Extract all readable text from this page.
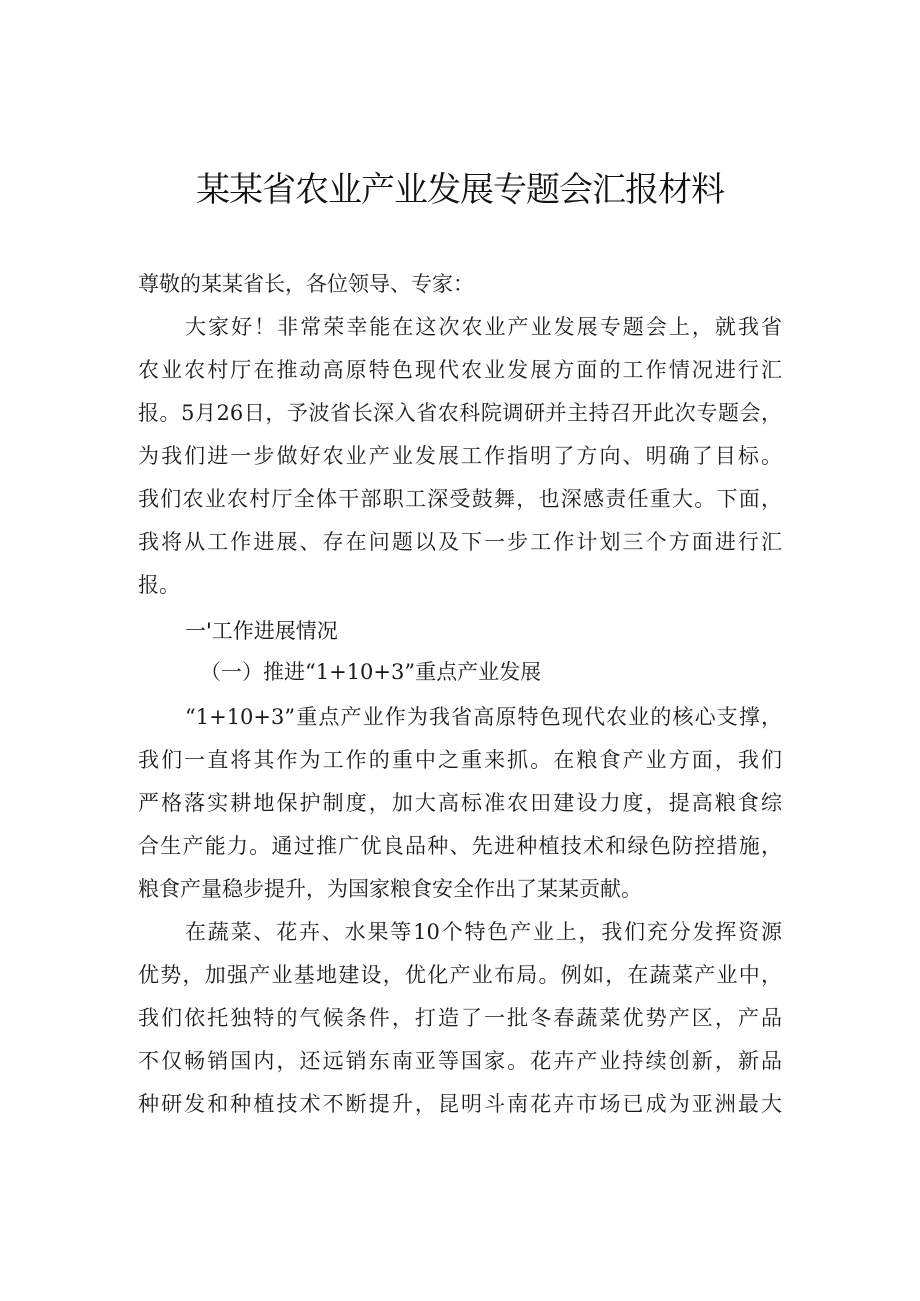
某某省农业产业发展专题会汇报材料
尊敬的某某省长，各位领导、专家：
大家好！非常荣幸能在这次农业产业发展专题会上，就我省
农业农村厅在推动高原特色现代农业发展方面的工作情况进行汇
报。5月26日，予波省长深入省农科院调研并主持召开此次专题会，
为我们进一步做好农业产业发展工作指明了方向、明确了目标。
我们农业农村厅全体干部职工深受鼓舞，也深感责任重大。下面，
我将从工作进展、存在问题以及下一步工作计划三个方面进行汇
报。
一'工作进展情况
（一）推进“1+10+3”重点产业发展
“1+10+3”重点产业作为我省高原特色现代农业的核心支撑，
我们一直将其作为工作的重中之重来抓。在粮食产业方面，我们
严格落实耕地保护制度，加大高标准农田建设力度，提高粮食综
合生产能力。通过推广优良品种、先进种植技术和绿色防控措施，
粮食产量稳步提升，为国家粮食安全作出了某某贡献。
在蔬菜、花卉、水果等10个特色产业上，我们充分发挥资源
优势，加强产业基地建设，优化产业布局。例如，在蔬菜产业中，
我们依托独特的气候条件，打造了一批冬春蔬菜优势产区，产品
不仅畅销国内，还远销东南亚等国家。花卉产业持续创新，新品
种研发和种植技术不断提升，昆明斗南花卉市场已成为亚洲最大
